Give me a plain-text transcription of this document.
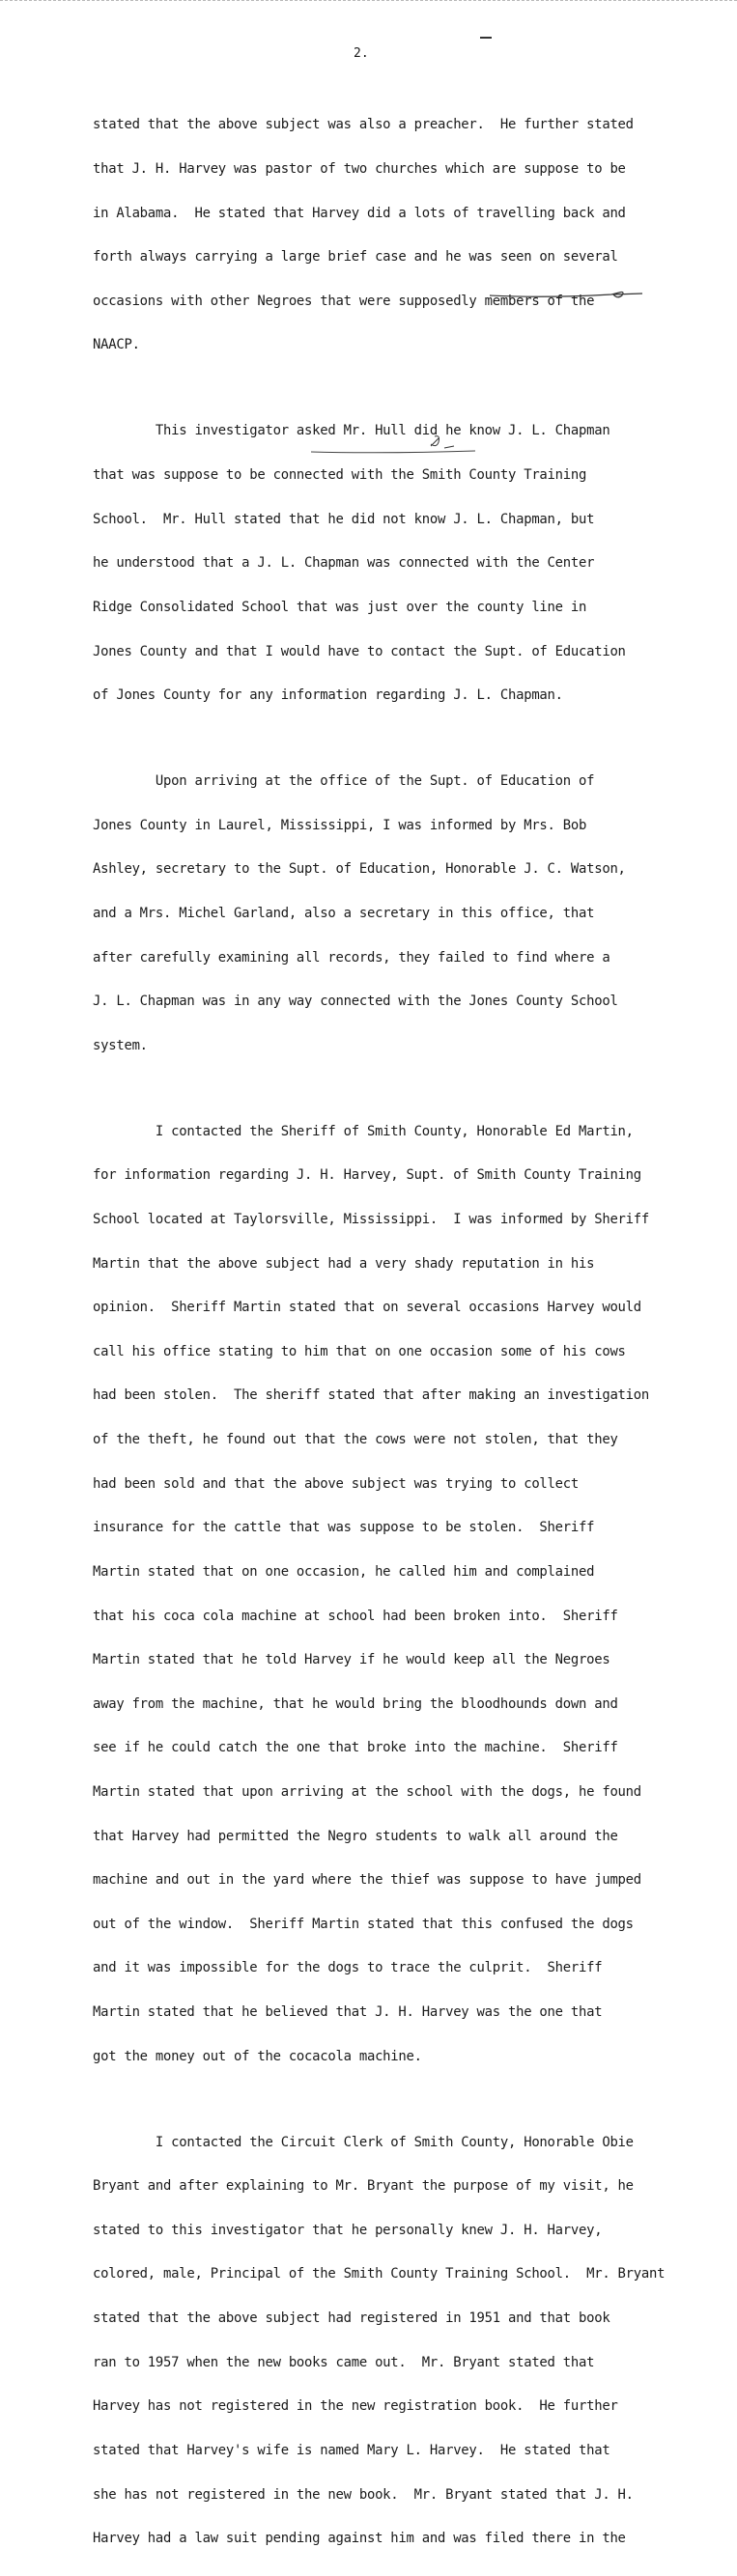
2.

stated that the above subject was also a preacher.  He further stated

that J. H. Harvey was pastor of two churches which are suppose to be

in Alabama.  He stated that Harvey did a lots of travelling back and

forth always carrying a large brief case and he was seen on several

occasions with other Negroes that were supposedly members of the

NAACP.

This investigator asked Mr. Hull did he know J. L. Chapman

that was suppose to be connected with the Smith County Training

School.  Mr. Hull stated that he did not know J. L. Chapman, but

he understood that a J. L. Chapman was connected with the Center

Ridge Consolidated School that was just over the county line in

Jones County and that I would have to contact the Supt. of Education

of Jones County for any information regarding J. L. Chapman.

Upon arriving at the office of the Supt. of Education of

Jones County in Laurel, Mississippi, I was informed by Mrs. Bob

Ashley, secretary to the Supt. of Education, Honorable J. C. Watson,

and a Mrs. Michel Garland, also a secretary in this office, that

after carefully examining all records, they failed to find where a

J. L. Chapman was in any way connected with the Jones County School

system.

I contacted the Sheriff of Smith County, Honorable Ed Martin,

for information regarding J. H. Harvey, Supt. of Smith County Training

School located at Taylorsville, Mississippi.  I was informed by Sheriff

Martin that the above subject had a very shady reputation in his

opinion.  Sheriff Martin stated that on several occasions Harvey would

call his office stating to him that on one occasion some of his cows

had been stolen.  The sheriff stated that after making an investigation

of the theft, he found out that the cows were not stolen, that they

had been sold and that the above subject was trying to collect

insurance for the cattle that was suppose to be stolen.  Sheriff

Martin stated that on one occasion, he called him and complained

that his coca cola machine at school had been broken into.  Sheriff

Martin stated that he told Harvey if he would keep all the Negroes

away from the machine, that he would bring the bloodhounds down and

see if he could catch the one that broke into the machine.  Sheriff

Martin stated that upon arriving at the school with the dogs, he found

that Harvey had permitted the Negro students to walk all around the

machine and out in the yard where the thief was suppose to have jumped

out of the window.  Sheriff Martin stated that this confused the dogs

and it was impossible for the dogs to trace the culprit.  Sheriff

Martin stated that he believed that J. H. Harvey was the one that

got the money out of the cocacola machine.

I contacted the Circuit Clerk of Smith County, Honorable Obie

Bryant and after explaining to Mr. Bryant the purpose of my visit, he

stated to this investigator that he personally knew J. H. Harvey,

colored, male, Principal of the Smith County Training School.  Mr. Bryant

stated that the above subject had registered in 1951 and that book

ran to 1957 when the new books came out.  Mr. Bryant stated that

Harvey has not registered in the new registration book.  He further

stated that Harvey's wife is named Mary L. Harvey.  He stated that

she has not registered in the new book.  Mr. Bryant stated that J. H.

Harvey had a law suit pending against him and was filed there in the
